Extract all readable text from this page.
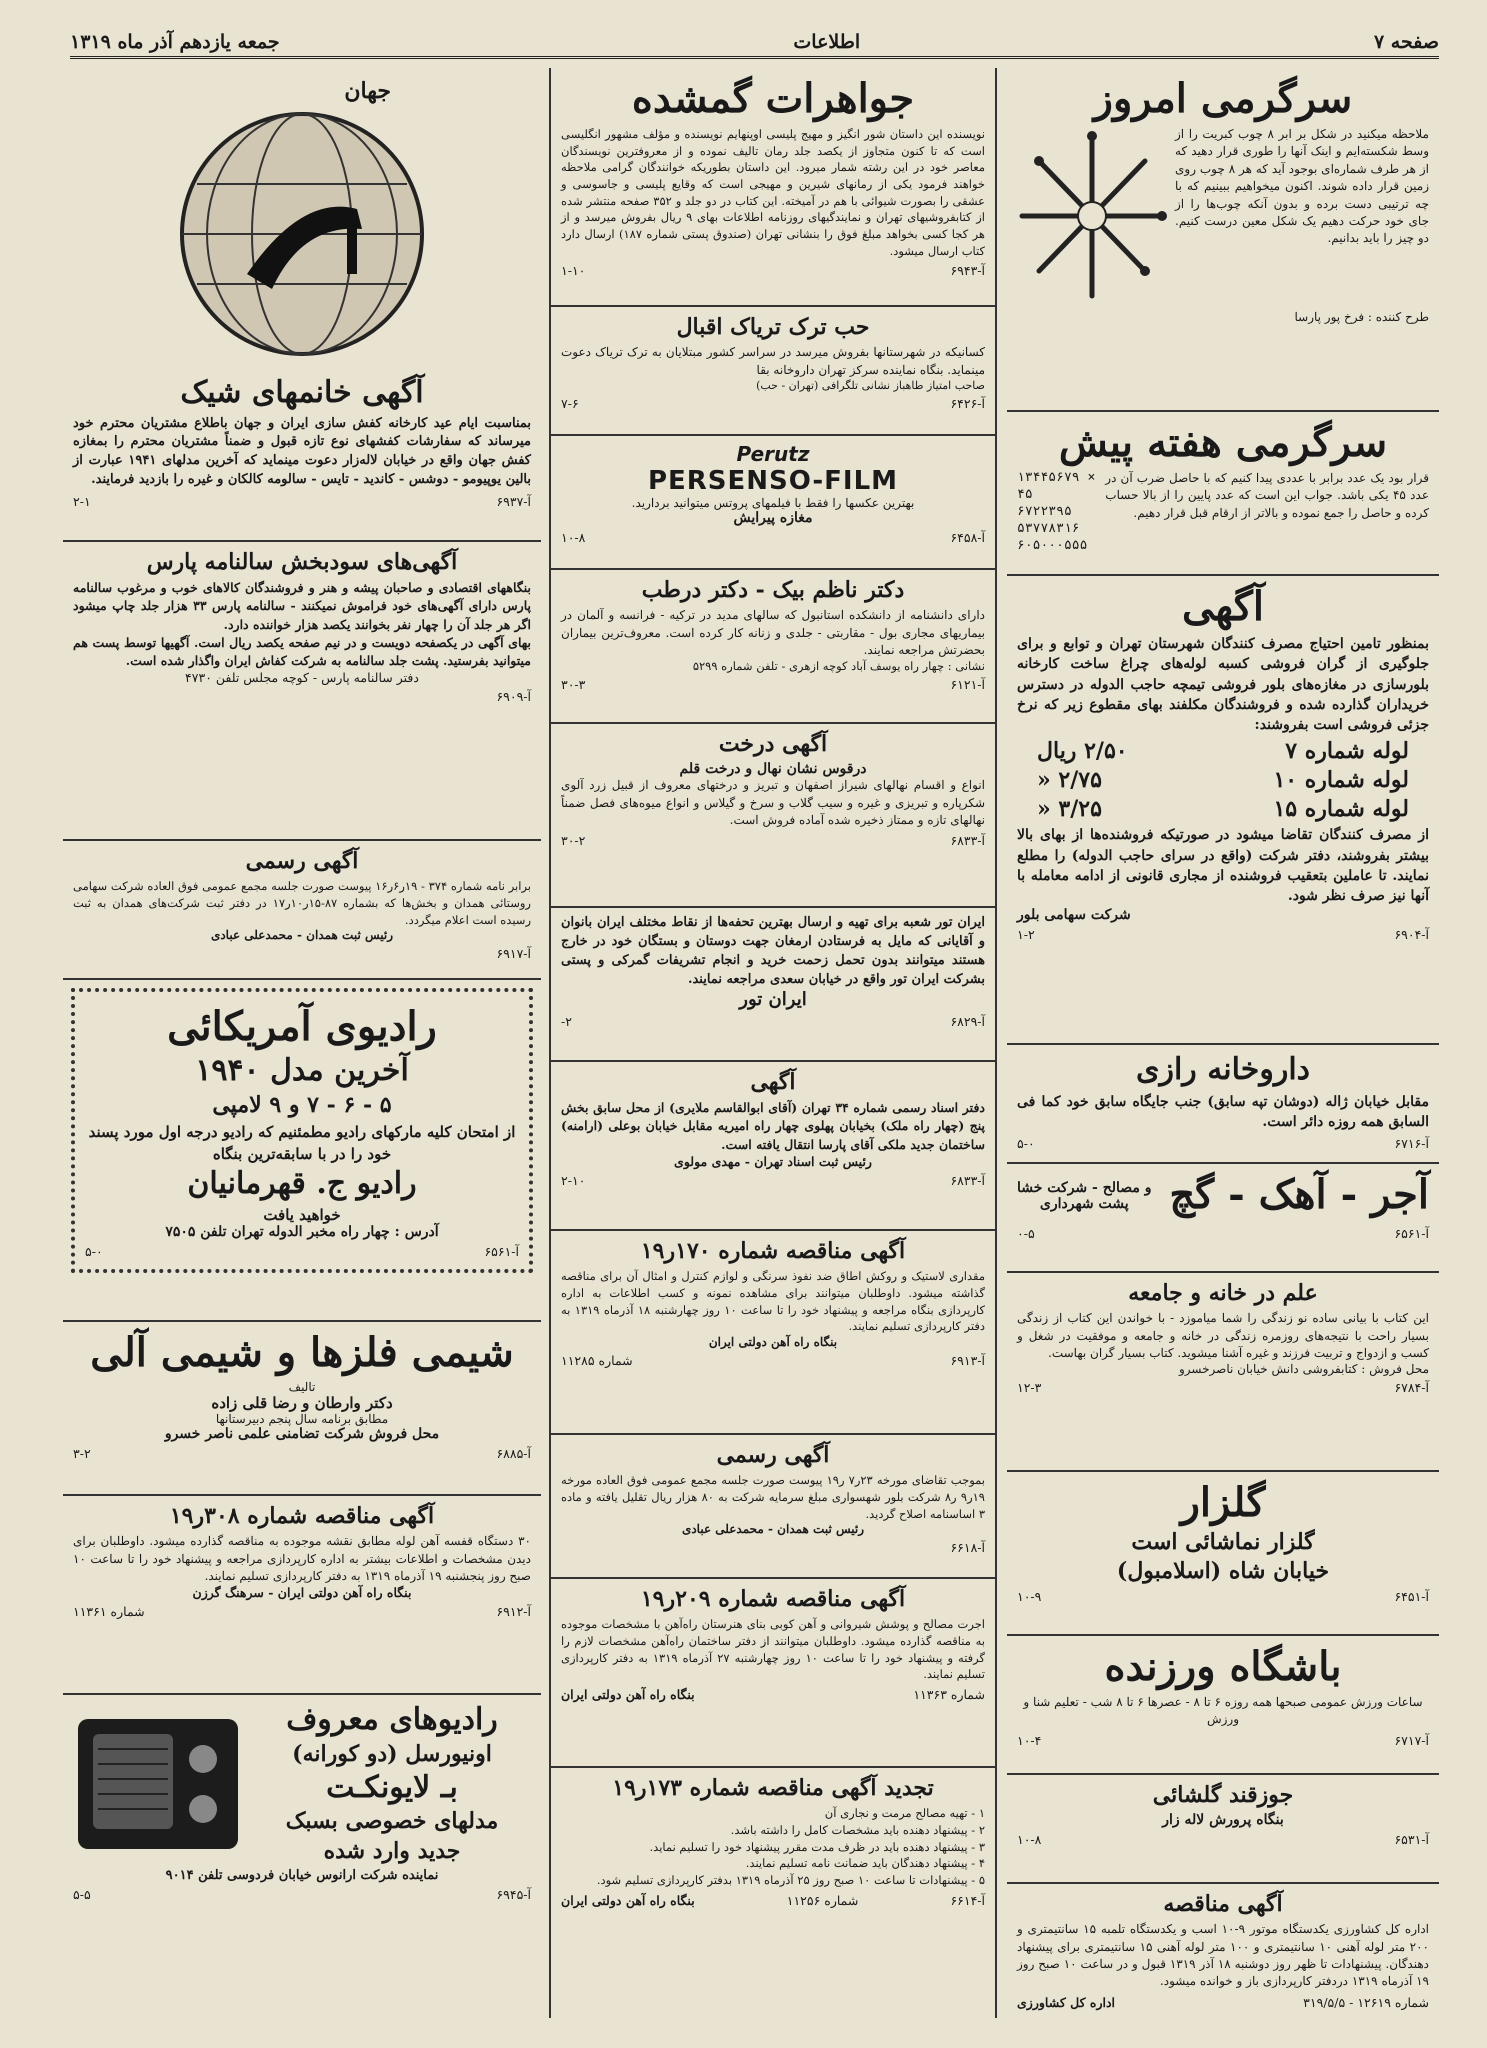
صفحه ۷
اطلاعات
جمعه یازدهم آذر ماه ۱۳۱۹
سرگرمی امروز

ملاحظه میکنید در شکل بر ابر ۸ چوب کبریت را از وسط شکسته‌ایم و اینک آنها را طوری قرار دهید که از هر طرف شماره‌ای بوجود آید که هر ۸ چوب روی زمین قرار داده شوند. اکنون میخواهیم ببینیم که با چه ترتیبی دست برده و بدون آنکه چوب‌ها را از جای خود حرکت دهیم یک شکل معین درست کنیم. دو چیز را باید بدانیم.

طرح کننده : فرخ پور پارسا
سرگرمی هفته پیش

قرار بود یک عدد برابر با عددی پیدا کنیم که با حاصل ضرب آن در عدد ۴۵ یکی باشد. جواب این است که عدد پایین را از بالا حساب کرده و حاصل را جمع نموده و بالاتر از ارقام قبل قرار دهیم.

۱۳۴۴۵۶۷۹ ×
۴۵
۶۷۲۲۳۹۵
۵۳۷۷۸۳۱۶
۶۰۵۰۰۰۵۵۵
آگهی

بمنظور تامین احتیاج مصرف کنندگان شهرستان تهران و توابع و برای جلوگیری از گران فروشی کسبه لوله‌های چراغ ساخت کارخانه بلورسازی در مغازه‌های بلور فروشی تیمچه حاجب الدوله در دسترس خریداران گذارده شده و فروشندگان مکلفند بهای مقطوع زیر که نرخ جزئی فروشی است بفروشند:

لوله شماره ۷
۲/۵۰ ریال
لوله شماره ۱۰
۲/۷۵ «
لوله شماره ۱۵
۳/۲۵ «

از مصرف کنندگان تقاضا میشود در صورتیکه فروشنده‌ها از بهای بالا بیشتر بفروشند، دفتر شرکت (واقع در سرای حاجب الدوله) را مطلع نمایند. تا عاملین بتعقیب فروشنده از مجاری قانونی از ادامه معامله با آنها نیز صرف نظر شود.

شرکت سهامی بلور
آ-۶۹۰۴
۱-۲
داروخانه رازی

مقابل خیابان ژاله (دوشان تپه سابق) جنب جایگاه سابق خود کما فی السابق همه روزه دائر است.

آ-۶۷۱۶
۵-۰
آجر - آهک - گچ
و مصالح - شرکت خشا
پشت شهرداری
آ-۶۵۶۱
۰-۵
علم در خانه و جامعه

این کتاب با بیانی ساده نو زندگی را شما میاموزد - با خواندن این کتاب از زندگی بسیار راحت با نتیجه‌های روزمره زندگی در خانه و جامعه و موفقیت در شغل و کسب و ازدواج و تربیت فرزند و غیره آشنا میشوید. کتاب بسیار گران بهاست.

محل فروش : کتابفروشی دانش خیابان ناصرخسرو
آ-۶۷۸۴
۱۲-۳
گلزار
گلزار نماشائی است
خیابان شاه (اسلامبول)
آ-۶۴۵۱
۱۰-۹
باشگاه ورزنده

ساعات ورزش عمومی صبحها همه روزه ۶ تا ۸ - عصرها ۶ تا ۸ شب - تعلیم شنا و ورزش

آ-۶۷۱۷
۱۰-۴
جوزقند گلشائی
بنگاه پرورش لاله زار
آ-۶۵۳۱
۱۰-۸
آگهی مناقصه

اداره کل کشاورزی یکدستگاه موتور ۹-۱۰ اسب و یکدستگاه تلمبه ۱۵ سانتیمتری و ۲۰۰ متر لوله آهنی ۱۰ سانتیمتری و ۱۰۰ متر لوله آهنی ۱۵ سانتیمتری برای پیشنهاد دهندگان. پیشنهادات تا ظهر روز دوشنبه ۱۸ آذر ۱۳۱۹ قبول و در ساعت ۱۰ صبح روز ۱۹ آذرماه ۱۳۱۹ دردفتر کارپردازی باز و خوانده میشود.

شماره ۱۲۶۱۹ - ۳۱۹/۵/۵
اداره کل کشاورزی
جواهرات گمشده

نویسنده این داستان شور انگیز و مهیج پلیسی اوپنهایم نویسنده و مؤلف مشهور انگلیسی است که تا کنون متجاوز از یکصد جلد رمان تالیف نموده و از معروفترین نویسندگان معاصر خود در این رشته شمار میرود. این داستان بطوریکه خوانندگان گرامی ملاحظه خواهند فرمود یکی از رمانهای شیرین و مهیجی است که وقایع پلیسی و جاسوسی و عشقی را بصورت شیوائی با هم در آمیخته. این کتاب در دو جلد و ۳۵۲ صفحه منتشر شده از کتابفروشیهای تهران و نمایندگیهای روزنامه اطلاعات بهای ۹ ریال بفروش میرسد و از هر کجا کسی بخواهد مبلغ فوق را بنشانی تهران (صندوق پستی شماره ۱۸۷) ارسال دارد کتاب ارسال میشود.

آ-۶۹۴۳
۱-۱۰
حب ترک تریاک اقبال

کسانیکه در شهرستانها بفروش میرسد در سراسر کشور مبتلایان به ترک تریاک دعوت مینماید. بنگاه نماینده سرکز تهران داروخانه بقا

صاحب امتیاز طاهباز نشانی تلگرافی (تهران - حب)
آ-۶۴۲۶
۷-۶
Perutz
PERSENSO-FILM
بهترین عکسها را فقط با فیلمهای پروتس میتوانید بردارید.
مغازه پیرایش
آ-۶۴۵۸
۱۰-۸
دکتر ناظم بیک - دکتر درطب

دارای دانشنامه از دانشکده استانبول که سالهای مدید در ترکیه - فرانسه و آلمان در بیماریهای مجاری بول - مقاربتی - جلدی و زنانه کار کرده است. معروف‌ترین بیماران بحضرتش مراجعه نمایند.

نشانی : چهار راه یوسف آباد کوچه ازهری - تلفن شماره ۵۲۹۹
آ-۶۱۲۱
۳۰-۳
آگهی درخت
درقوس نشان نهال و درخت قلم

انواع و اقسام نهالهای شیراز اصفهان و تبریز و درختهای معروف از قبیل زرد آلوی شکرپاره و تبریزی و غیره و سیب گلاب و سرخ و گیلاس و انواع میوه‌های فصل ضمناً نهالهای تازه و ممتاز ذخیره شده آماده فروش است.

آ-۶۸۳۳
۳۰-۲

ایران تور شعبه برای تهیه و ارسال بهترین تحفه‌ها از نقاط مختلف ایران بانوان و آقایانی که مایل به فرستادن ارمغان جهت دوستان و بستگان خود در خارج هستند میتوانند بدون تحمل زحمت خرید و انجام تشریفات گمرکی و پستی بشرکت ایران تور واقع در خیابان سعدی مراجعه نمایند.

ایران تور
آ-۶۸۲۹
۲-
آگهی

دفتر اسناد رسمی شماره ۳۴ تهران (آقای ابوالقاسم ملایری) از محل سابق بخش پنج (چهار راه ملک) بخیابان پهلوی چهار راه امیریه مقابل خیابان بوعلی (ارامنه) ساختمان جدید ملکی آقای پارسا انتقال یافته است.

رئیس ثبت اسناد تهران - مهدی مولوی
آ-۶۸۳۳
۲-۱۰
آگهی مناقصه شماره ۱۷۰ر۱۹

مقداری لاستیک و روکش اطاق ضد نفوذ سرنگی و لوازم کنترل و امثال آن برای مناقصه گذاشته میشود. داوطلبان میتوانند برای مشاهده نمونه و کسب اطلاعات به اداره کارپردازی بنگاه مراجعه و پیشنهاد خود را تا ساعت ۱۰ روز چهارشنبه ۱۸ آذرماه ۱۳۱۹ به دفتر کارپردازی تسلیم نمایند.

بنگاه راه آهن دولتی ایران
آ-۶۹۱۳
شماره ۱۱۲۸۵
آگهی رسمی

بموجب تقاضای مورخه ۲۳ر۷ ر۱۹ پیوست صورت جلسه مجمع عمومی فوق العاده مورخه ۱۹ر۹ ر۸ شرکت بلور شهسواری مبلغ سرمایه شرکت به ۸۰ هزار ریال تقلیل یافته و ماده ۳ اساسنامه اصلاح گردید.

رئیس ثبت همدان - محمدعلی عبادی
آ-۶۶۱۸
آگهی مناقصه شماره ۲۰۹ر۱۹

اجرت مصالح و پوشش شیروانی و آهن کوبی بنای هنرستان راه‌آهن با مشخصات موجوده به مناقصه گذارده میشود. داوطلبان میتوانند از دفتر ساختمان راه‌آهن مشخصات لازم را گرفته و پیشنهاد خود را تا ساعت ۱۰ روز چهارشنبه ۲۷ آذرماه ۱۳۱۹ به دفتر کارپردازی تسلیم نمایند.

شماره ۱۱۳۶۳
بنگاه راه آهن دولتی ایران
تجدید آگهی مناقصه شماره ۱۷۳ر۱۹
۱ - تهیه مصالح مرمت و نجاری آن
۲ - پیشنهاد دهنده باید مشخصات کامل را داشته باشد.
۳ - پیشنهاد دهنده باید در ظرف مدت مقرر پیشنهاد خود را تسلیم نماید.
۴ - پیشنهاد دهندگان باید ضمانت نامه تسلیم نمایند.
۵ - پیشنهادات تا ساعت ۱۰ صبح روز ۲۵ آذرماه ۱۳۱۹ بدفتر کارپردازی تسلیم شود.
آ-۶۶۱۴
شماره ۱۱۲۵۶
بنگاه راه آهن دولتی ایران
جهان
آگهی خانمهای شیک

بمناسبت ایام عید کارخانه کفش سازی ایران و جهان باطلاع مشتریان محترم خود میرساند که سفارشات کفشهای نوع تازه قبول و ضمناً مشتریان محترم را بمغازه کفش جهان واقع در خیابان لاله‌زار دعوت مینماید که آخرین مدلهای ۱۹۴۱ عبارت از بالین یوپیومو - دوشس - کاندید - تایس - سالومه کالکان و غیره را بازدید فرمایند.

آ-۶۹۳۷
۲-۱
آگهی‌های سودبخش سالنامه پارس

بنگاههای اقتصادی و صاحبان پیشه و هنر و فروشندگان کالاهای خوب و مرغوب سالنامه پارس دارای آگهی‌های خود فراموش نمیکنند - سالنامه پارس ۳۳ هزار جلد چاپ میشود اگر هر جلد آن را چهار نفر بخوانند یکصد هزار خواننده دارد.

بهای آگهی در یکصفحه دویست و در نیم صفحه یکصد ریال است. آگهیها توسط پست هم میتوانید بفرستید. پشت جلد سالنامه به شرکت کفاش ایران واگذار شده است.

دفتر سالنامه پارس - کوچه مجلس تلفن ۴۷۳۰
آ-۶۹۰۹
آگهی رسمی

برابر نامه شماره ۳۷۴ - ۱۹ر۶ر۱۶ پیوست صورت جلسه مجمع عمومی فوق العاده شرکت سهامی روستائی همدان و بخش‌ها که بشماره ۸۷-۱۵ر۱۰ر۱۷ در دفتر ثبت شرکت‌های همدان به ثبت رسیده است اعلام میگردد.

رئیس ثبت همدان - محمدعلی عبادی
آ-۶۹۱۷
رادیوی آمریکائی
آخرین مدل ۱۹۴۰
۵ - ۶ - ۷ و ۹ لامپی

از امتحان کلیه مارکهای رادیو مطمئنیم که رادیو درجه اول مورد پسند خود را در با سابقه‌ترین بنگاه

رادیو ج. قهرمانیان
خواهید یافت
آدرس : چهار راه مخبر الدوله تهران تلفن ۷۵۰۵
آ-۶۵۶۱
۵-۰
شیمی فلزها و شیمی آلی
تالیف
دکتر وارطان و رضا قلی زاده
مطابق برنامه سال پنجم دبیرستانها
محل فروش شرکت تضامنی علمی ناصر خسرو
آ-۶۸۸۵
۳-۲
آگهی مناقصه شماره ۳۰۸ر۱۹

۳۰ دستگاه قفسه آهن لوله مطابق نقشه موجوده به مناقصه گذارده میشود. داوطلبان برای دیدن مشخصات و اطلاعات بیشتر به اداره کارپردازی مراجعه و پیشنهاد خود را تا ساعت ۱۰ صبح روز پنجشنبه ۱۹ آذرماه ۱۳۱۹ به دفتر کارپردازی تسلیم نمایند.

بنگاه راه آهن دولتی ایران - سرهنگ گرزن
آ-۶۹۱۲
شماره ۱۱۳۶۱
رادیوهای معروف
اونیورسل (دو کورانه)
بـ لایونکـت
مدلهای خصوصی بسبک
جدید وارد شده
نماینده شرکت ارانوس خیابان فردوسی تلفن ۹۰۱۴
آ-۶۹۴۵
۵-۵
